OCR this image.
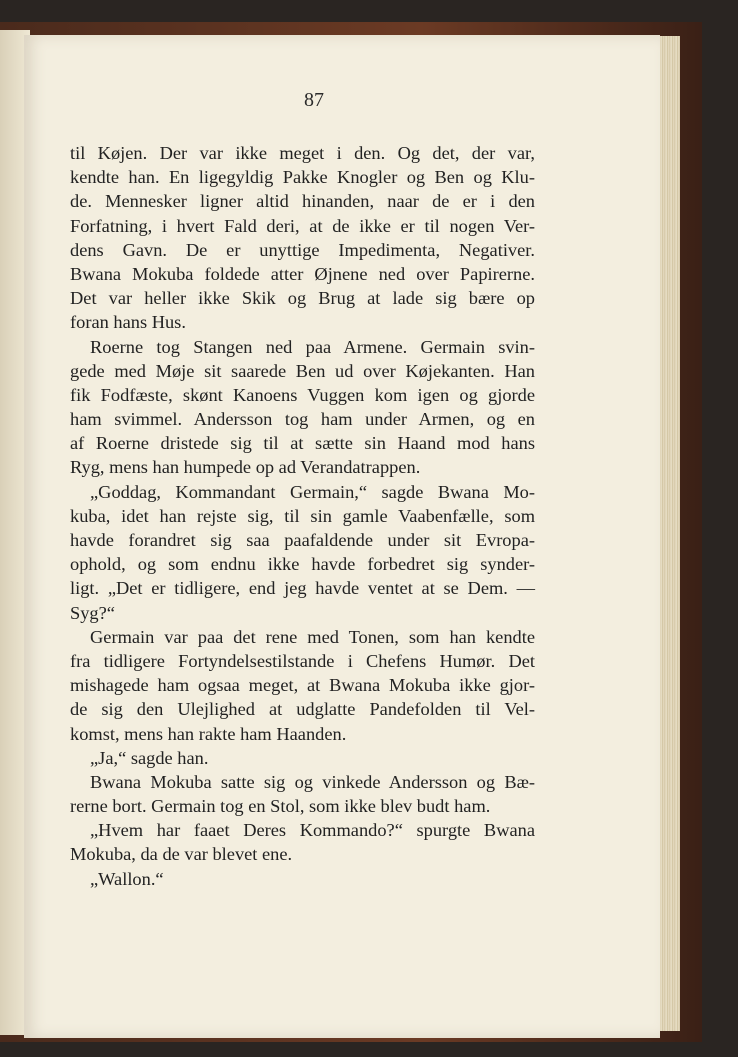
87
til Køjen. Der var ikke meget i den. Og det, der var,
kendte han. En ligegyldig Pakke Knogler og Ben og Klu-
de. Mennesker ligner altid hinanden, naar de er i den
Forfatning, i hvert Fald deri, at de ikke er til nogen Ver-
dens Gavn. De er unyttige Impedimenta, Negativer.
Bwana Mokuba foldede atter Øjnene ned over Papirerne.
Det var heller ikke Skik og Brug at lade sig bære op
foran hans Hus.
Roerne tog Stangen ned paa Armene. Germain svin-
gede med Møje sit saarede Ben ud over Køjekanten. Han
fik Fodfæste, skønt Kanoens Vuggen kom igen og gjorde
ham svimmel. Andersson tog ham under Armen, og en
af Roerne dristede sig til at sætte sin Haand mod hans
Ryg, mens han humpede op ad Verandatrappen.
„Goddag, Kommandant Germain,“ sagde Bwana Mo-
kuba, idet han rejste sig, til sin gamle Vaabenfælle, som
havde forandret sig saa paafaldende under sit Evropa-
ophold, og som endnu ikke havde forbedret sig synder-
ligt. „Det er tidligere, end jeg havde ventet at se Dem. —
Syg?“
Germain var paa det rene med Tonen, som han kendte
fra tidligere Fortyndelsestilstande i Chefens Humør. Det
mishagede ham ogsaa meget, at Bwana Mokuba ikke gjor-
de sig den Ulejlighed at udglatte Pandefolden til Vel-
komst, mens han rakte ham Haanden.
„Ja,“ sagde han.
Bwana Mokuba satte sig og vinkede Andersson og Bæ-
rerne bort. Germain tog en Stol, som ikke blev budt ham.
„Hvem har faaet Deres Kommando?“ spurgte Bwana
Mokuba, da de var blevet ene.
„Wallon.“
